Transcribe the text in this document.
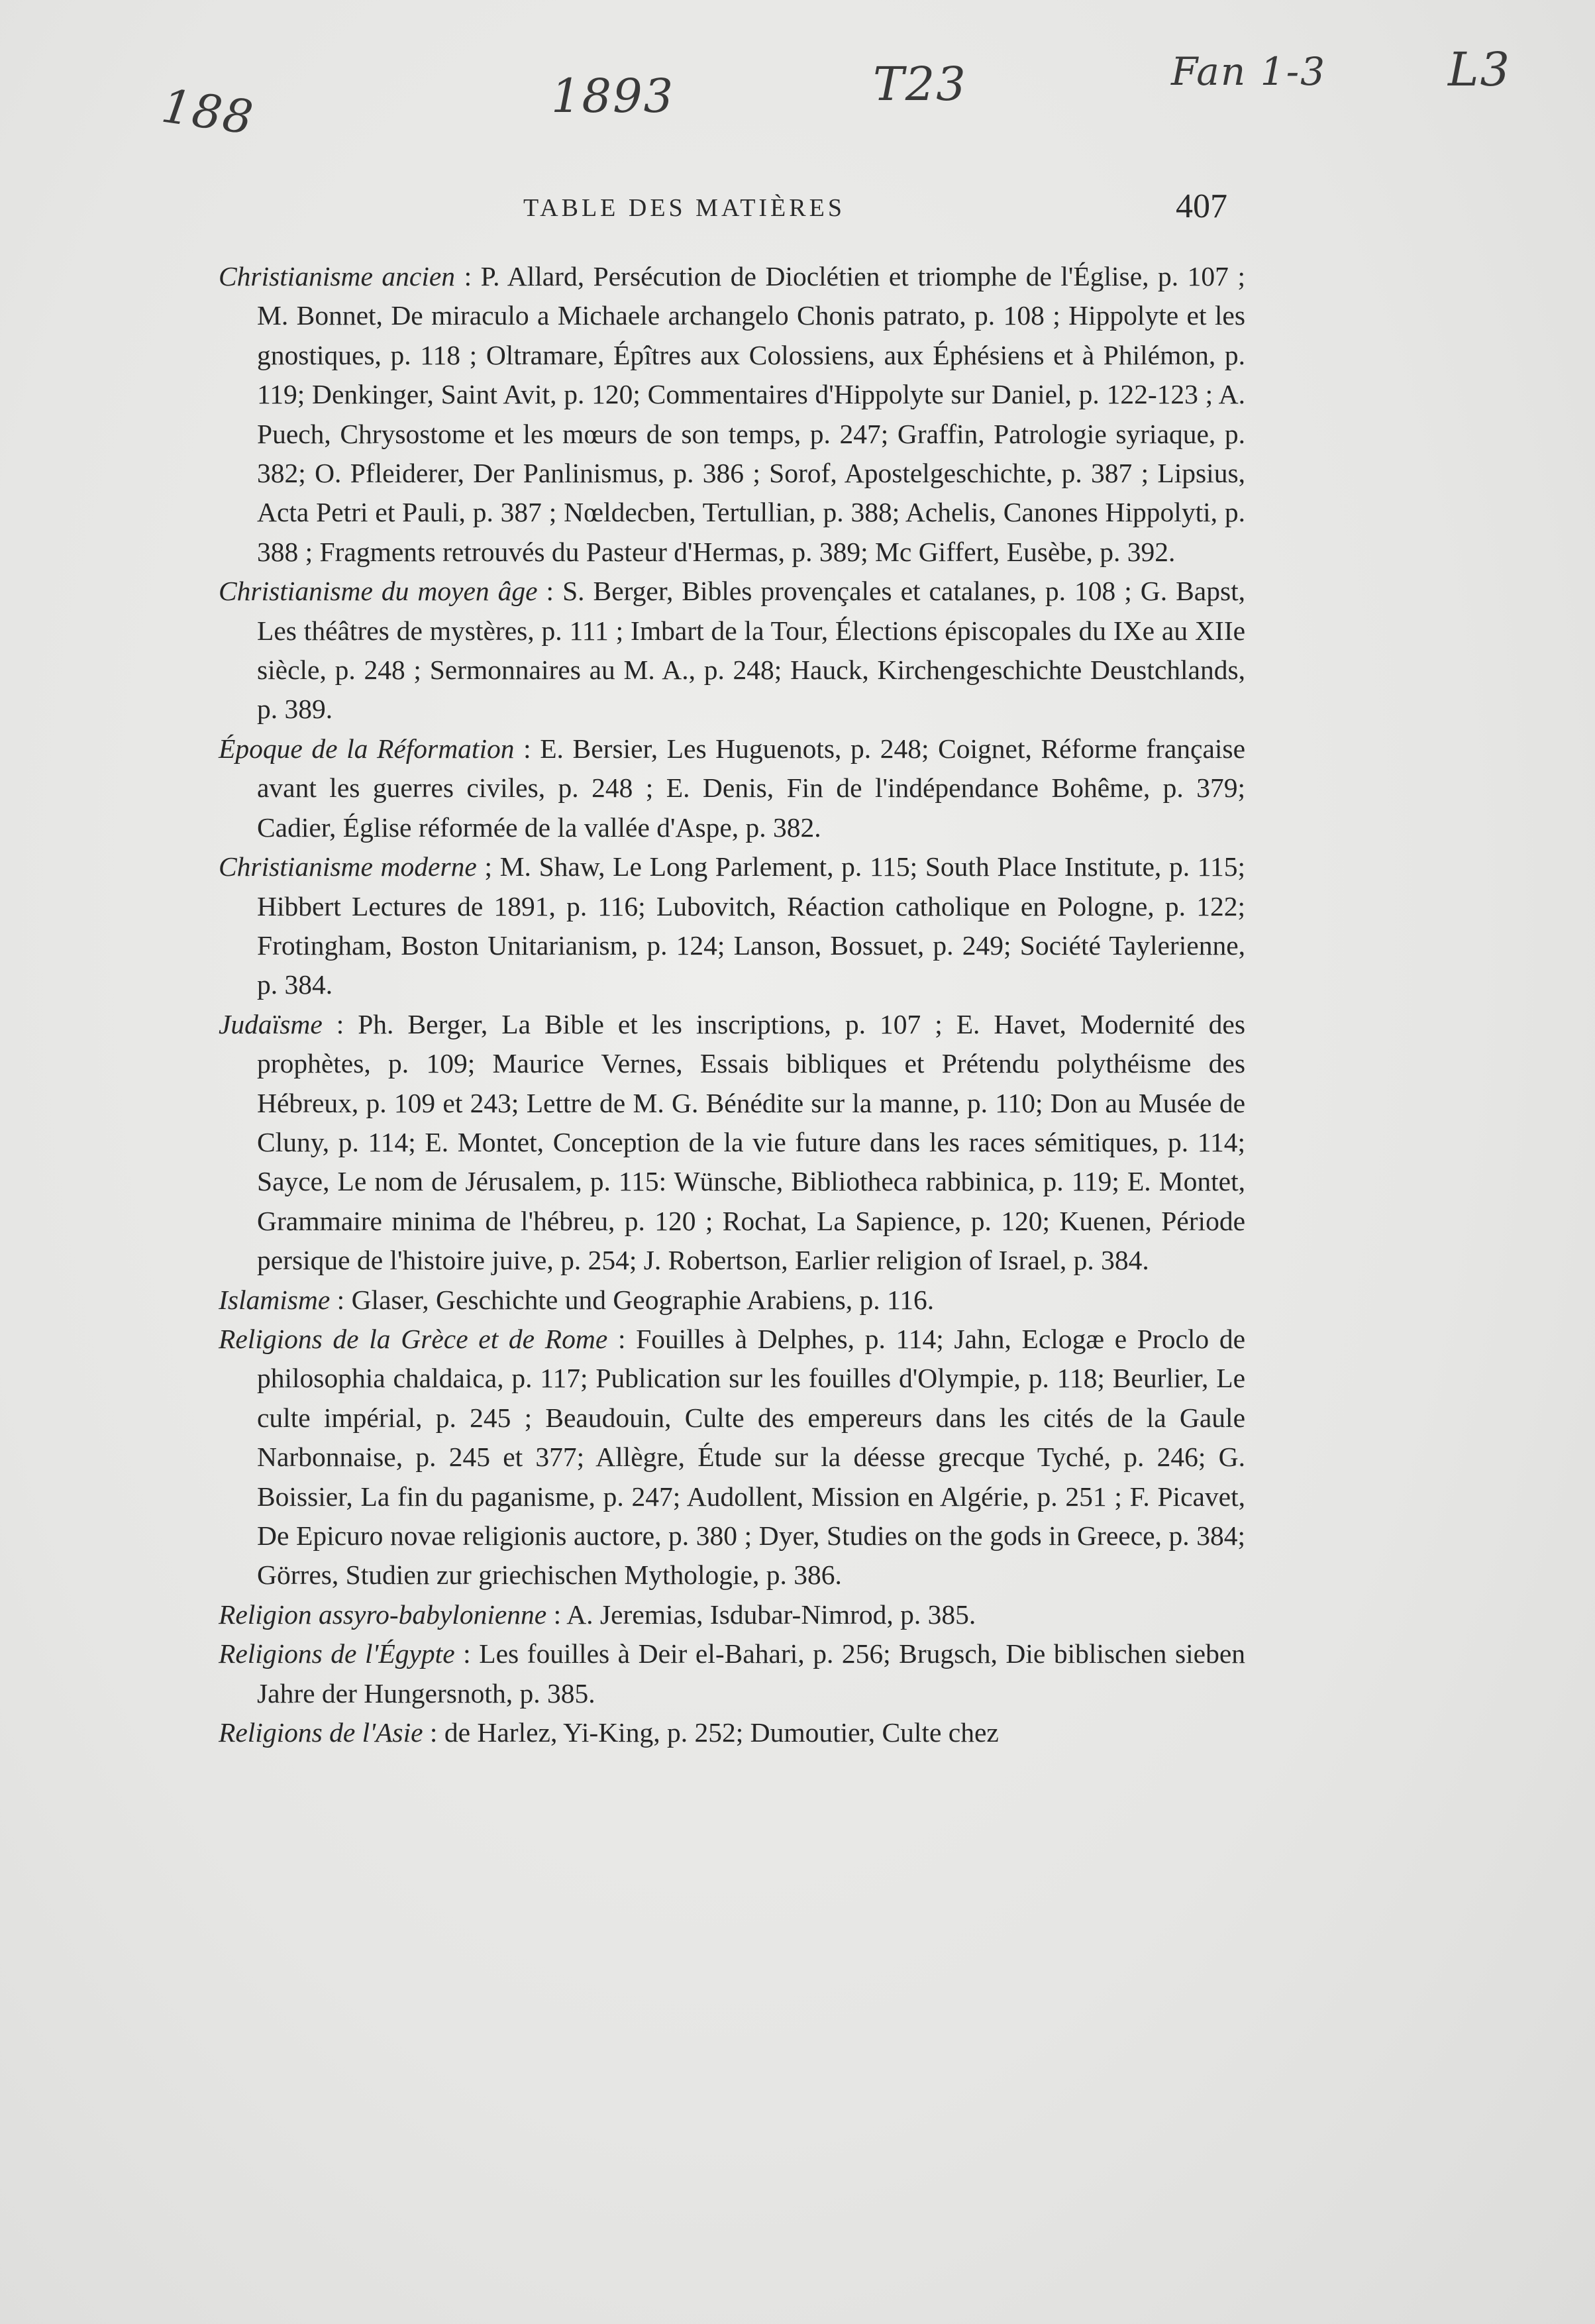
188	1893	T23	Fan 1-3	L3
TABLE DES MATIÈRES	407

Christianisme ancien : P. Allard, Persécution de Dioclétien et triomphe de l'Église, p. 107 ; M. Bonnet, De miraculo a Michaele archangelo Chonis patrato, p. 108 ; Hippolyte et les gnostiques, p. 118 ; Oltramare, Épîtres aux Colossiens, aux Éphésiens et à Philémon, p. 119; Denkinger, Saint Avit, p. 120; Commentaires d'Hippolyte sur Daniel, p. 122-123 ; A. Puech, Chrysostome et les mœurs de son temps, p. 247; Graffin, Patrologie syriaque, p. 382; O. Pfleiderer, Der Panlinismus, p. 386 ; Sorof, Apostelgeschichte, p. 387 ; Lipsius, Acta Petri et Pauli, p. 387 ; Nœldecben, Tertullian, p. 388; Achelis, Canones Hippolyti, p. 388 ; Fragments retrouvés du Pasteur d'Hermas, p. 389; Mc Giffert, Eusèbe, p. 392.

Christianisme du moyen âge : S. Berger, Bibles provençales et catalanes, p. 108 ; G. Bapst, Les théâtres de mystères, p. 111 ; Imbart de la Tour, Élections épiscopales du IXe au XIIe siècle, p. 248 ; Sermonnaires au M. A., p. 248; Hauck, Kirchengeschichte Deustchlands, p. 389.

Époque de la Réformation : E. Bersier, Les Huguenots, p. 248; Coignet, Réforme française avant les guerres civiles, p. 248 ; E. Denis, Fin de l'indépendance Bohême, p. 379; Cadier, Église réformée de la vallée d'Aspe, p. 382.

Christianisme moderne ; M. Shaw, Le Long Parlement, p. 115; South Place Institute, p. 115; Hibbert Lectures de 1891, p. 116; Lubovitch, Réaction catholique en Pologne, p. 122; Frotingham, Boston Unitarianism, p. 124; Lanson, Bossuet, p. 249; Société Taylerienne, p. 384.

Judaïsme : Ph. Berger, La Bible et les inscriptions, p. 107 ; E. Havet, Modernité des prophètes, p. 109; Maurice Vernes, Essais bibliques et Prétendu polythéisme des Hébreux, p. 109 et 243; Lettre de M. G. Bénédite sur la manne, p. 110; Don au Musée de Cluny, p. 114; E. Montet, Conception de la vie future dans les races sémitiques, p. 114; Sayce, Le nom de Jérusalem, p. 115: Wünsche, Bibliotheca rabbinica, p. 119; E. Montet, Grammaire minima de l'hébreu, p. 120 ; Rochat, La Sapience, p. 120; Kuenen, Période persique de l'histoire juive, p. 254; J. Robertson, Earlier religion of Israel, p. 384.

Islamisme : Glaser, Geschichte und Geographie Arabiens, p. 116.

Religions de la Grèce et de Rome : Fouilles à Delphes, p. 114; Jahn, Eclogæ e Proclo de philosophia chaldaica, p. 117; Publication sur les fouilles d'Olympie, p. 118; Beurlier, Le culte impérial, p. 245 ; Beaudouin, Culte des empereurs dans les cités de la Gaule Narbonnaise, p. 245 et 377; Allègre, Étude sur la déesse grecque Tyché, p. 246; G. Boissier, La fin du paganisme, p. 247; Audollent, Mission en Algérie, p. 251 ; F. Picavet, De Epicuro novae religionis auctore, p. 380 ; Dyer, Studies on the gods in Greece, p. 384; Görres, Studien zur griechischen Mythologie, p. 386.

Religion assyro-babylonienne : A. Jeremias, Isdubar-Nimrod, p. 385.

Religions de l'Égypte : Les fouilles à Deir el-Bahari, p. 256; Brugsch, Die biblischen sieben Jahre der Hungersnoth, p. 385.

Religions de l'Asie : de Harlez, Yi-King, p. 252; Dumoutier, Culte chez
